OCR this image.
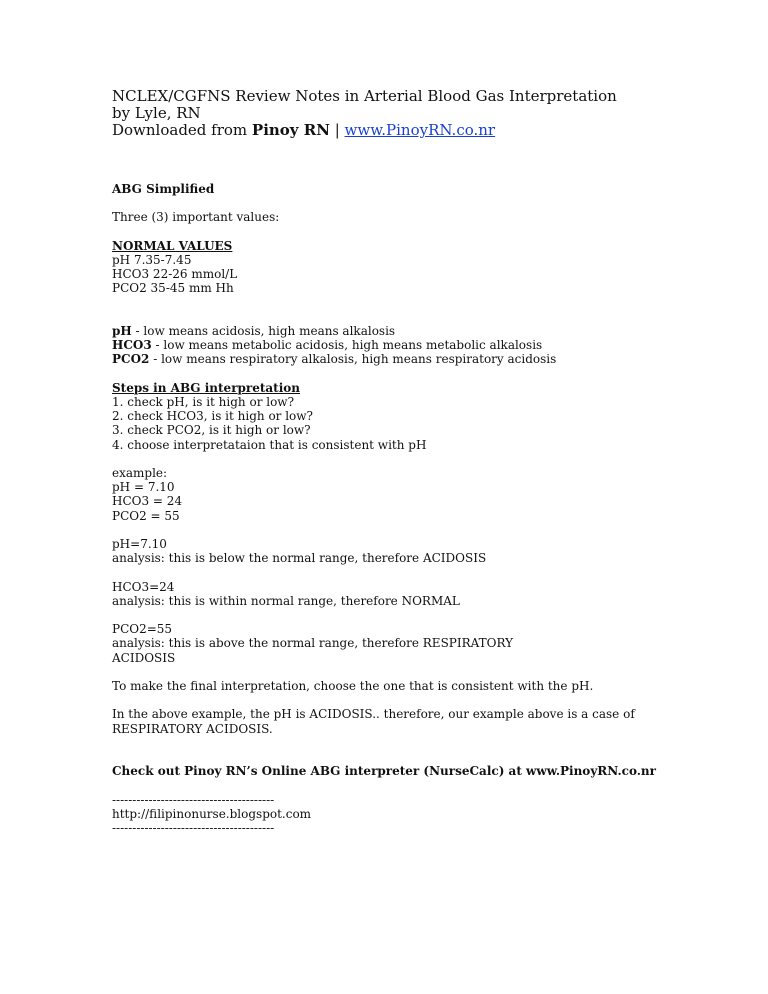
NCLEX/CGFNS Review Notes in Arterial Blood Gas Interpretation
by Lyle, RN
Downloaded from Pinoy RN | www.PinoyRN.co.nr
ABG Simplified
Three (3) important values:
NORMAL VALUES
pH 7.35-7.45
HCO3 22-26 mmol/L
PCO2 35-45 mm Hh
pH - low means acidosis, high means alkalosis
HCO3 - low means metabolic acidosis, high means metabolic alkalosis
PCO2 - low means respiratory alkalosis, high means respiratory acidosis
Steps in ABG interpretation
1. check pH, is it high or low?
2. check HCO3, is it high or low?
3. check PCO2, is it high or low?
4. choose interpretataion that is consistent with pH
example:
pH = 7.10
HCO3 = 24
PCO2 = 55
pH=7.10
analysis: this is below the normal range, therefore ACIDOSIS
HCO3=24
analysis: this is within normal range, therefore NORMAL
PCO2=55
analysis: this is above the normal range, therefore RESPIRATORY
ACIDOSIS
To make the final interpretation, choose the one that is consistent with the pH.
In the above example, the pH is ACIDOSIS.. therefore, our example above is a case of
RESPIRATORY ACIDOSIS.
Check out Pinoy RN’s Online ABG interpreter (NurseCalc) at www.PinoyRN.co.nr
----------------------------------------
http://filipinonurse.blogspot.com
----------------------------------------
